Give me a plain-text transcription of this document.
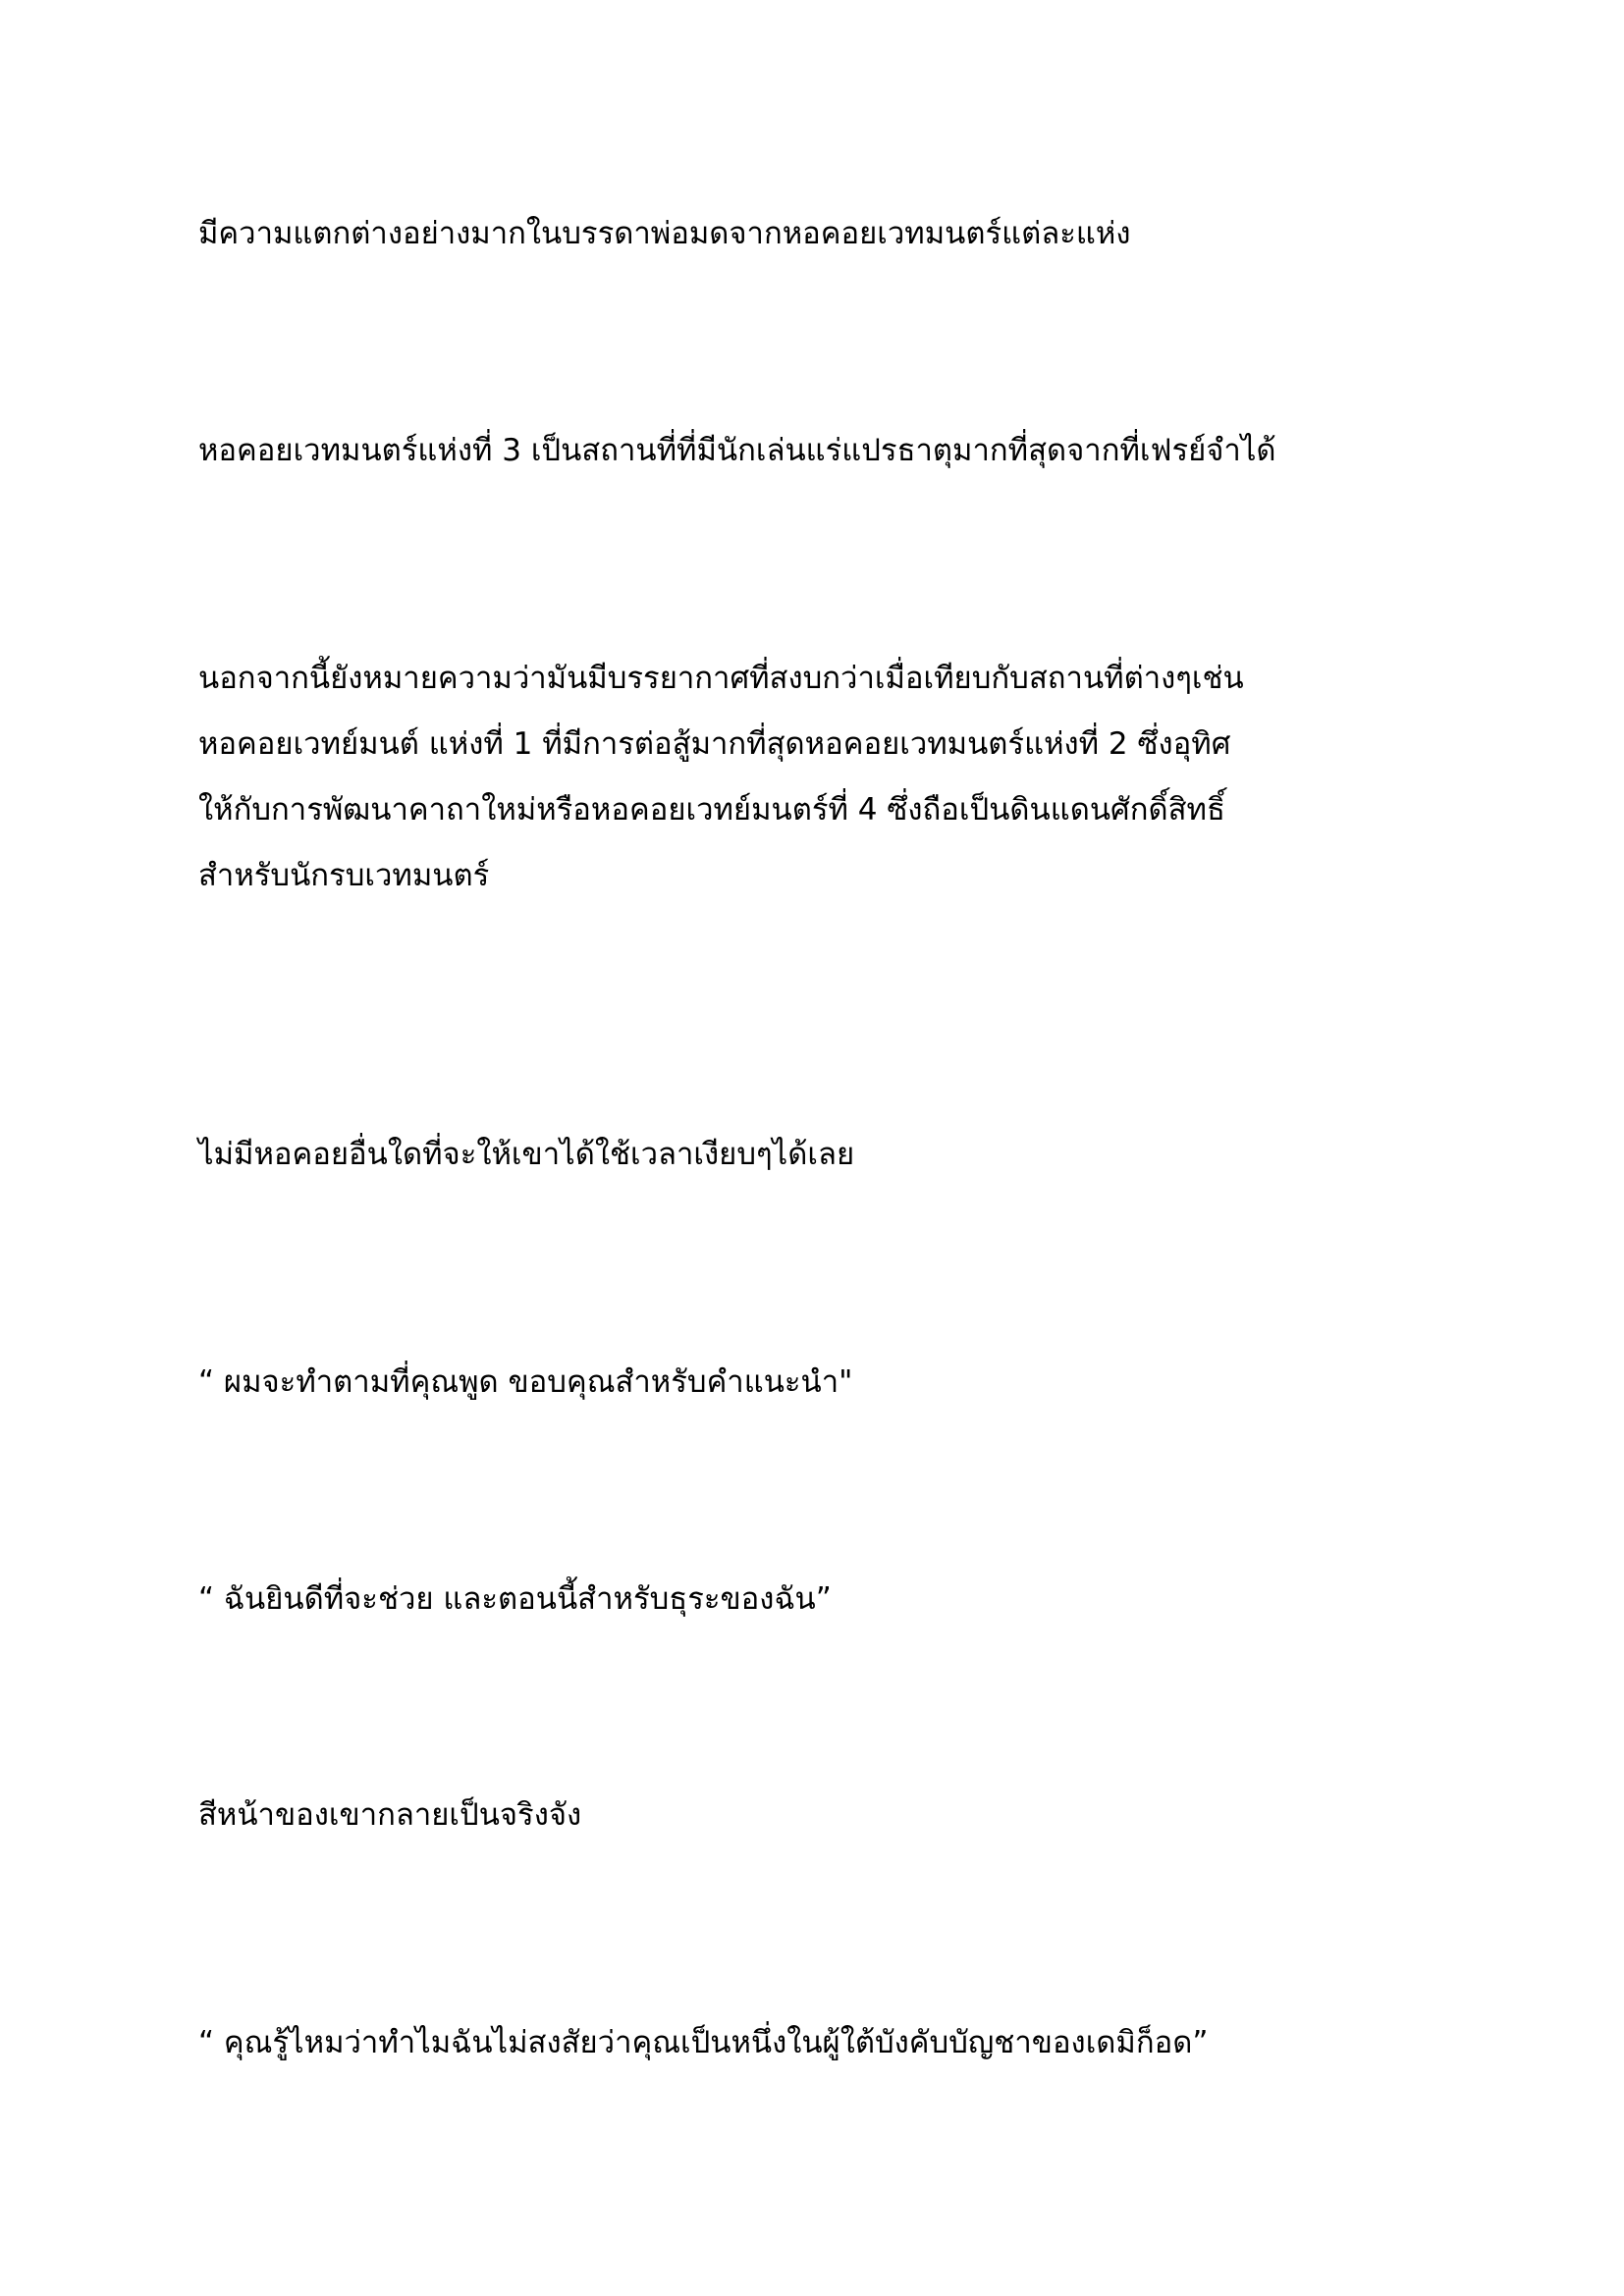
มีความแตกต่างอย่างมากในบรรดาพ่อมดจากหอคอยเวทมนตร์แต่ละแห่ง

หอคอยเวทมนตร์แห่งที่ 3 เป็นสถานที่ที่มีนักเล่นแร่แปรธาตุมากที่สุดจากที่เฟรย์จำได้

นอกจากนี้ยังหมายความว่ามันมีบรรยากาศที่สงบกว่าเมื่อเทียบกับสถานที่ต่างๆเช่น
หอคอยเวทย์มนต์ แห่งที่ 1 ที่มีการต่อสู้มากที่สุดหอคอยเวทมนตร์แห่งที่ 2 ซึ่งอุทิศ
ให้กับการพัฒนาคาถาใหม่หรือหอคอยเวทย์มนตร์ที่ 4 ซึ่งถือเป็นดินแดนศักดิ์สิทธิ์
สำหรับนักรบเวทมนตร์

ไม่มีหอคอยอื่นใดที่จะให้เขาได้ใช้เวลาเงียบๆได้เลย

“ ผมจะทำตามที่คุณพูด ขอบคุณสำหรับคำแนะนำ"

“ ฉันยินดีที่จะช่วย และตอนนี้สำหรับธุระของฉัน”

สีหน้าของเขากลายเป็นจริงจัง

“ คุณรู้ไหมว่าทำไมฉันไม่สงสัยว่าคุณเป็นหนึ่งในผู้ใต้บังคับบัญชาของเดมิก็อด”
